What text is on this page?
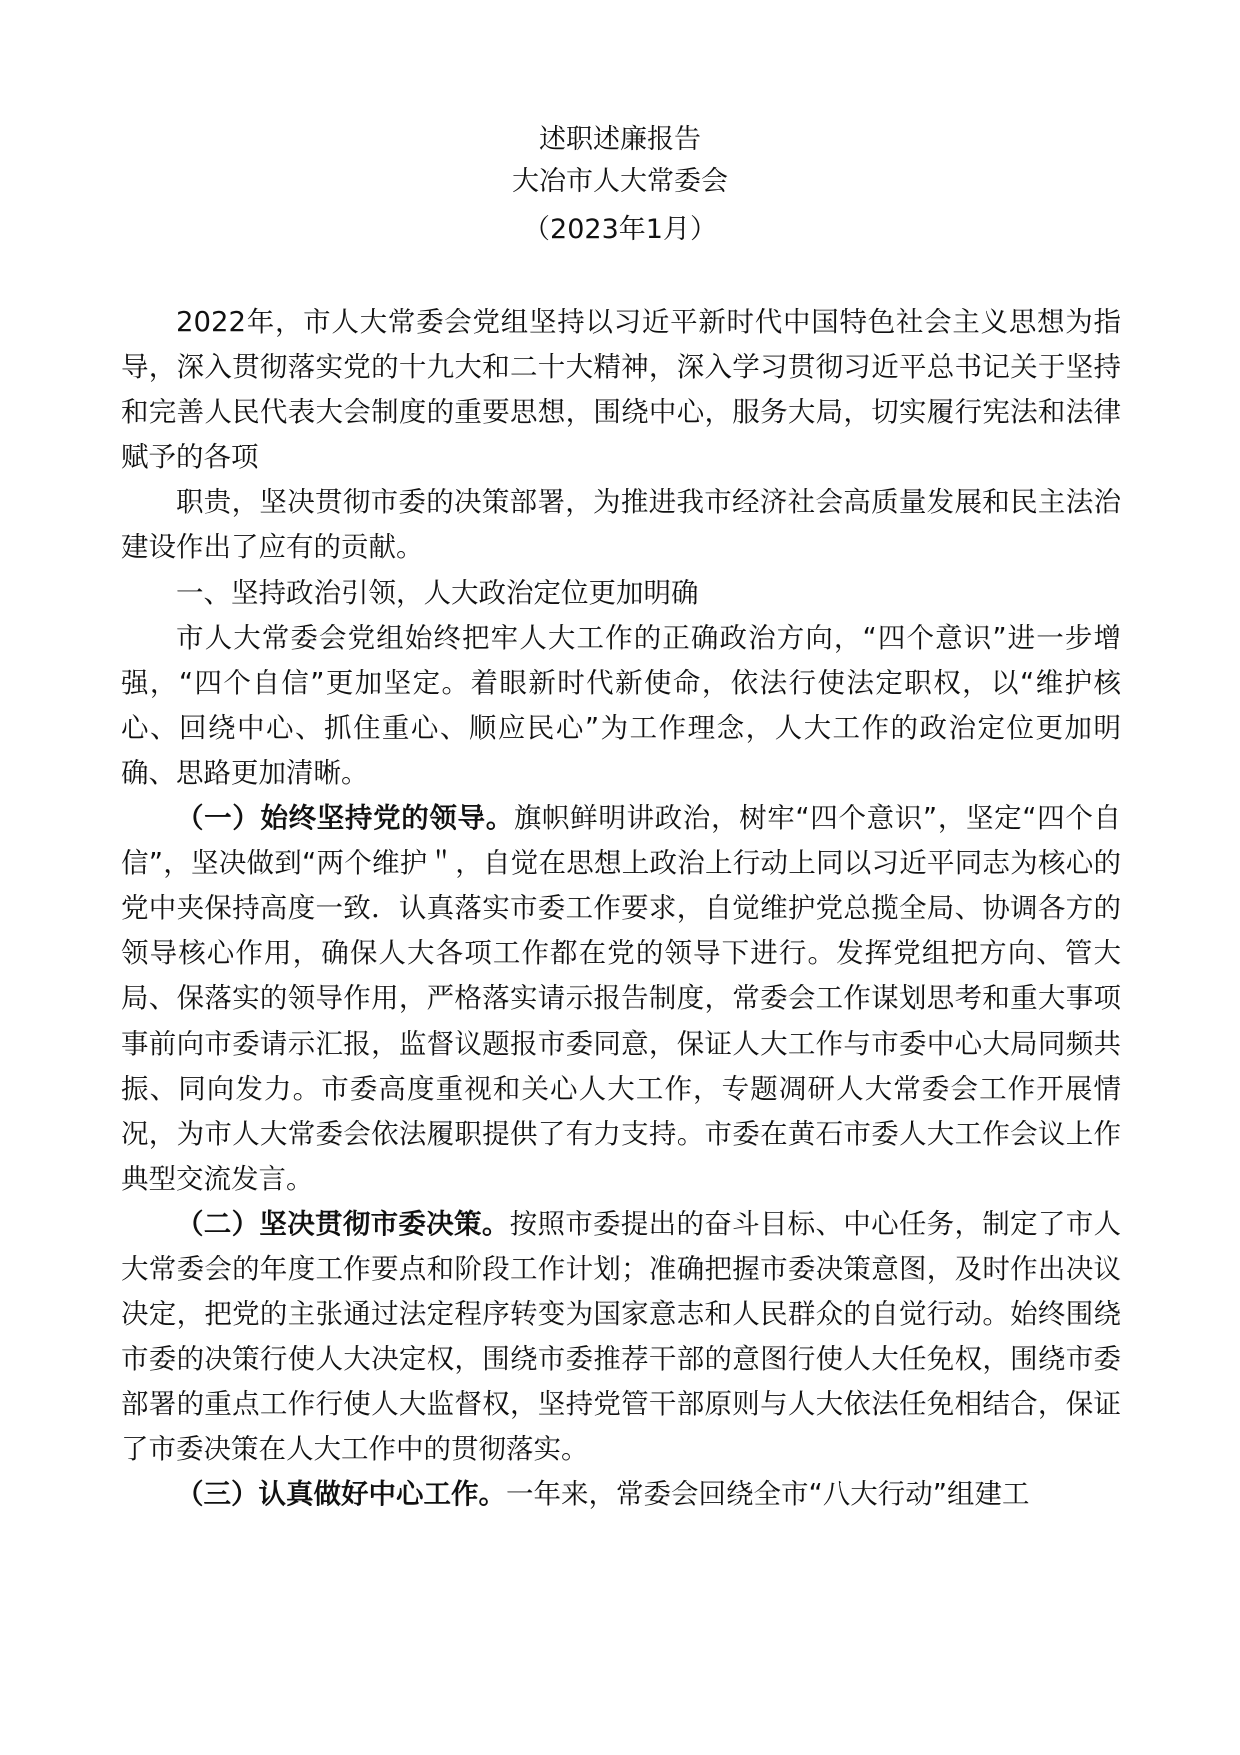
述职述廉报告
大冶市人大常委会
（2023年1月）

2022年，市人大常委会党组坚持以习近平新时代中国特色社会主义思想为指导，深入贯彻落实党的十九大和二十大精神，深入学习贯彻习近平总书记关于坚持和完善人民代表大会制度的重要思想，围绕中心，服务大局，切实履行宪法和法律赋予的各项

职贵，坚决贯彻市委的决策部署，为推进我市经济社会高质量发展和民主法治建设作出了应有的贡献。

一、坚持政治引领，人大政治定位更加明确

市人大常委会党组始终把牢人大工作的正确政治方向，“四个意识”进一步增强，“四个自信”更加坚定。着眼新时代新使命，依法行使法定职权，以“维护核心、回绕中心、抓住重心、顺应民心”为工作理念，人大工作的政治定位更加明确、思路更加清晰。

（一）始终坚持党的领导。旗帜鲜明讲政治，树牢“四个意识”，坚定“四个自信”，坚决做到“两个维护＂，自觉在思想上政治上行动上同以习近平同志为核心的党中夹保持高度一致．认真落实市委工作要求，自觉维护党总揽全局、协调各方的领导核心作用，确保人大各项工作都在党的领导下进行。发挥党组把方向、管大局、保落实的领导作用，严格落实请示报告制度，常委会工作谋划思考和重大事项事前向市委请示汇报，监督议题报市委同意，保证人大工作与市委中心大局同频共振、同向发力。市委高度重视和关心人大工作，专题凋研人大常委会工作开展情况，为市人大常委会依法履职提供了有力支持。市委在黄石市委人大工作会议上作典型交流发言。

（二）坚决贯彻市委决策。按照市委提出的奋斗目标、中心任务，制定了市人大常委会的年度工作要点和阶段工作计划；准确把握市委决策意图，及时作出决议决定，把党的主张通过法定程序转变为国家意志和人民群众的自觉行动。始终围绕市委的决策行使人大决定权，围绕市委推荐干部的意图行使人大任免权，围绕市委部署的重点工作行使人大监督权，坚持党管干部原则与人大依法任免相结合，保证了市委决策在人大工作中的贯彻落实。

（三）认真做好中心工作。一年来，常委会回绕全市“八大行动”组建工
